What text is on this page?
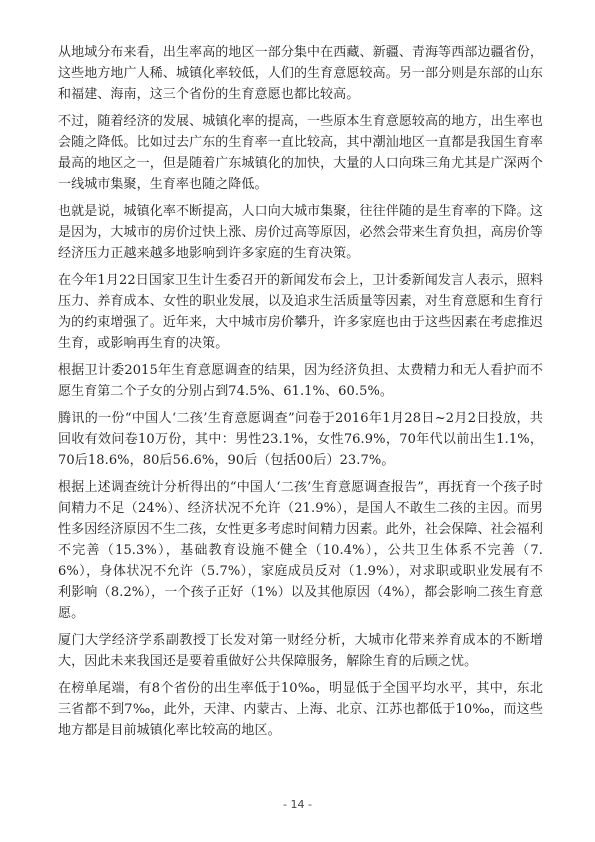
从地域分布来看，出生率高的地区一部分集中在西藏、新疆、青海等西部边疆省份，这些地方地广人稀、城镇化率较低，人们的生育意愿较高。另一部分则是东部的山东和福建、海南，这三个省份的生育意愿也都比较高。

不过，随着经济的发展、城镇化率的提高，一些原本生育意愿较高的地方，出生率也会随之降低。比如过去广东的生育率一直比较高，其中潮汕地区一直都是我国生育率最高的地区之一，但是随着广东城镇化的加快，大量的人口向珠三角尤其是广深两个一线城市集聚，生育率也随之降低。

也就是说，城镇化率不断提高，人口向大城市集聚，往往伴随的是生育率的下降。这是因为，大城市的房价过快上涨、房价过高等原因，必然会带来生育负担，高房价等经济压力正越来越多地影响到许多家庭的生育决策。

在今年1月22日国家卫生计生委召开的新闻发布会上，卫计委新闻发言人表示，照料压力、养育成本、女性的职业发展，以及追求生活质量等因素，对生育意愿和生育行为的约束增强了。近年来，大中城市房价攀升，许多家庭也由于这些因素在考虑推迟生育，或影响再生育的决策。

根据卫计委2015年生育意愿调查的结果，因为经济负担、太费精力和无人看护而不愿生育第二个子女的分别占到74.5%、61.1%、60.5%。

腾讯的一份“中国人‘二孩’生育意愿调查”问卷于2016年1月28日~2月2日投放，共回收有效问卷10万份，其中：男性23.1%，女性76.9%，70年代以前出生1.1%，70后18.6%，80后56.6%，90后（包括00后）23.7%。

根据上述调查统计分析得出的“中国人‘二孩’生育意愿调查报告”，再抚育一个孩子时间精力不足（24%）、经济状况不允许（21.9%），是国人不敢生二孩的主因。而男性多因经济原因不生二孩，女性更多考虑时间精力因素。此外，社会保障、社会福利不完善（15.3%），基础教育设施不健全（10.4%），公共卫生体系不完善（7.6%），身体状况不允许（5.7%），家庭成员反对（1.9%），对求职或职业发展有不利影响（8.2%），一个孩子正好（1%）以及其他原因（4%），都会影响二孩生育意愿。

厦门大学经济学系副教授丁长发对第一财经分析，大城市化带来养育成本的不断增大，因此未来我国还是要着重做好公共保障服务，解除生育的后顾之忧。

在榜单尾端，有8个省份的出生率低于10‰，明显低于全国平均水平，其中，东北三省都不到7‰，此外，天津、内蒙古、上海、北京、江苏也都低于10‰，而这些地方都是目前城镇化率比较高的地区。

- 14 -
